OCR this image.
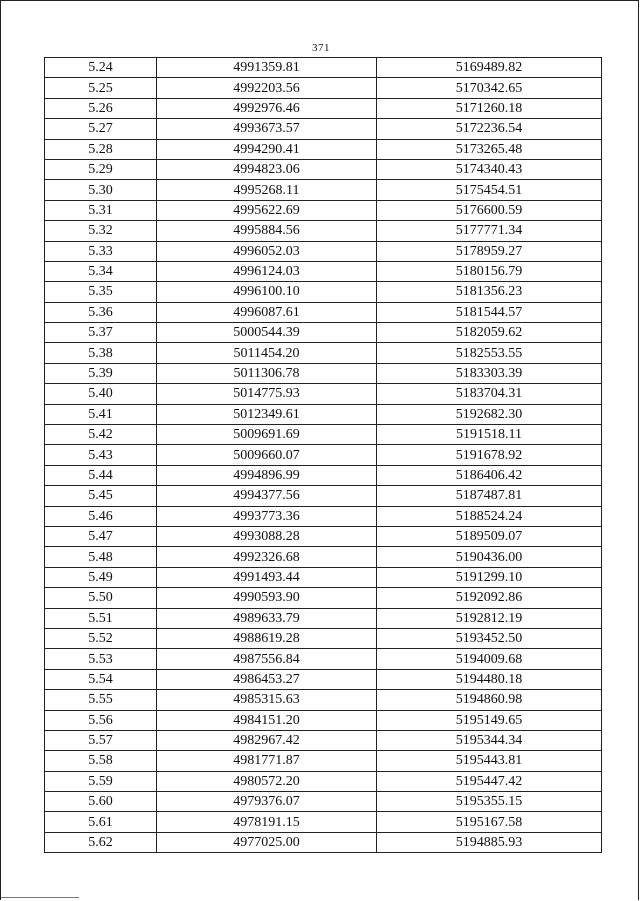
371
5.24	4991359.81	5169489.82
5.25	4992203.56	5170342.65
5.26	4992976.46	5171260.18
5.27	4993673.57	5172236.54
5.28	4994290.41	5173265.48
5.29	4994823.06	5174340.43
5.30	4995268.11	5175454.51
5.31	4995622.69	5176600.59
5.32	4995884.56	5177771.34
5.33	4996052.03	5178959.27
5.34	4996124.03	5180156.79
5.35	4996100.10	5181356.23
5.36	4996087.61	5181544.57
5.37	5000544.39	5182059.62
5.38	5011454.20	5182553.55
5.39	5011306.78	5183303.39
5.40	5014775.93	5183704.31
5.41	5012349.61	5192682.30
5.42	5009691.69	5191518.11
5.43	5009660.07	5191678.92
5.44	4994896.99	5186406.42
5.45	4994377.56	5187487.81
5.46	4993773.36	5188524.24
5.47	4993088.28	5189509.07
5.48	4992326.68	5190436.00
5.49	4991493.44	5191299.10
5.50	4990593.90	5192092.86
5.51	4989633.79	5192812.19
5.52	4988619.28	5193452.50
5.53	4987556.84	5194009.68
5.54	4986453.27	5194480.18
5.55	4985315.63	5194860.98
5.56	4984151.20	5195149.65
5.57	4982967.42	5195344.34
5.58	4981771.87	5195443.81
5.59	4980572.20	5195447.42
5.60	4979376.07	5195355.15
5.61	4978191.15	5195167.58
5.62	4977025.00	5194885.93
